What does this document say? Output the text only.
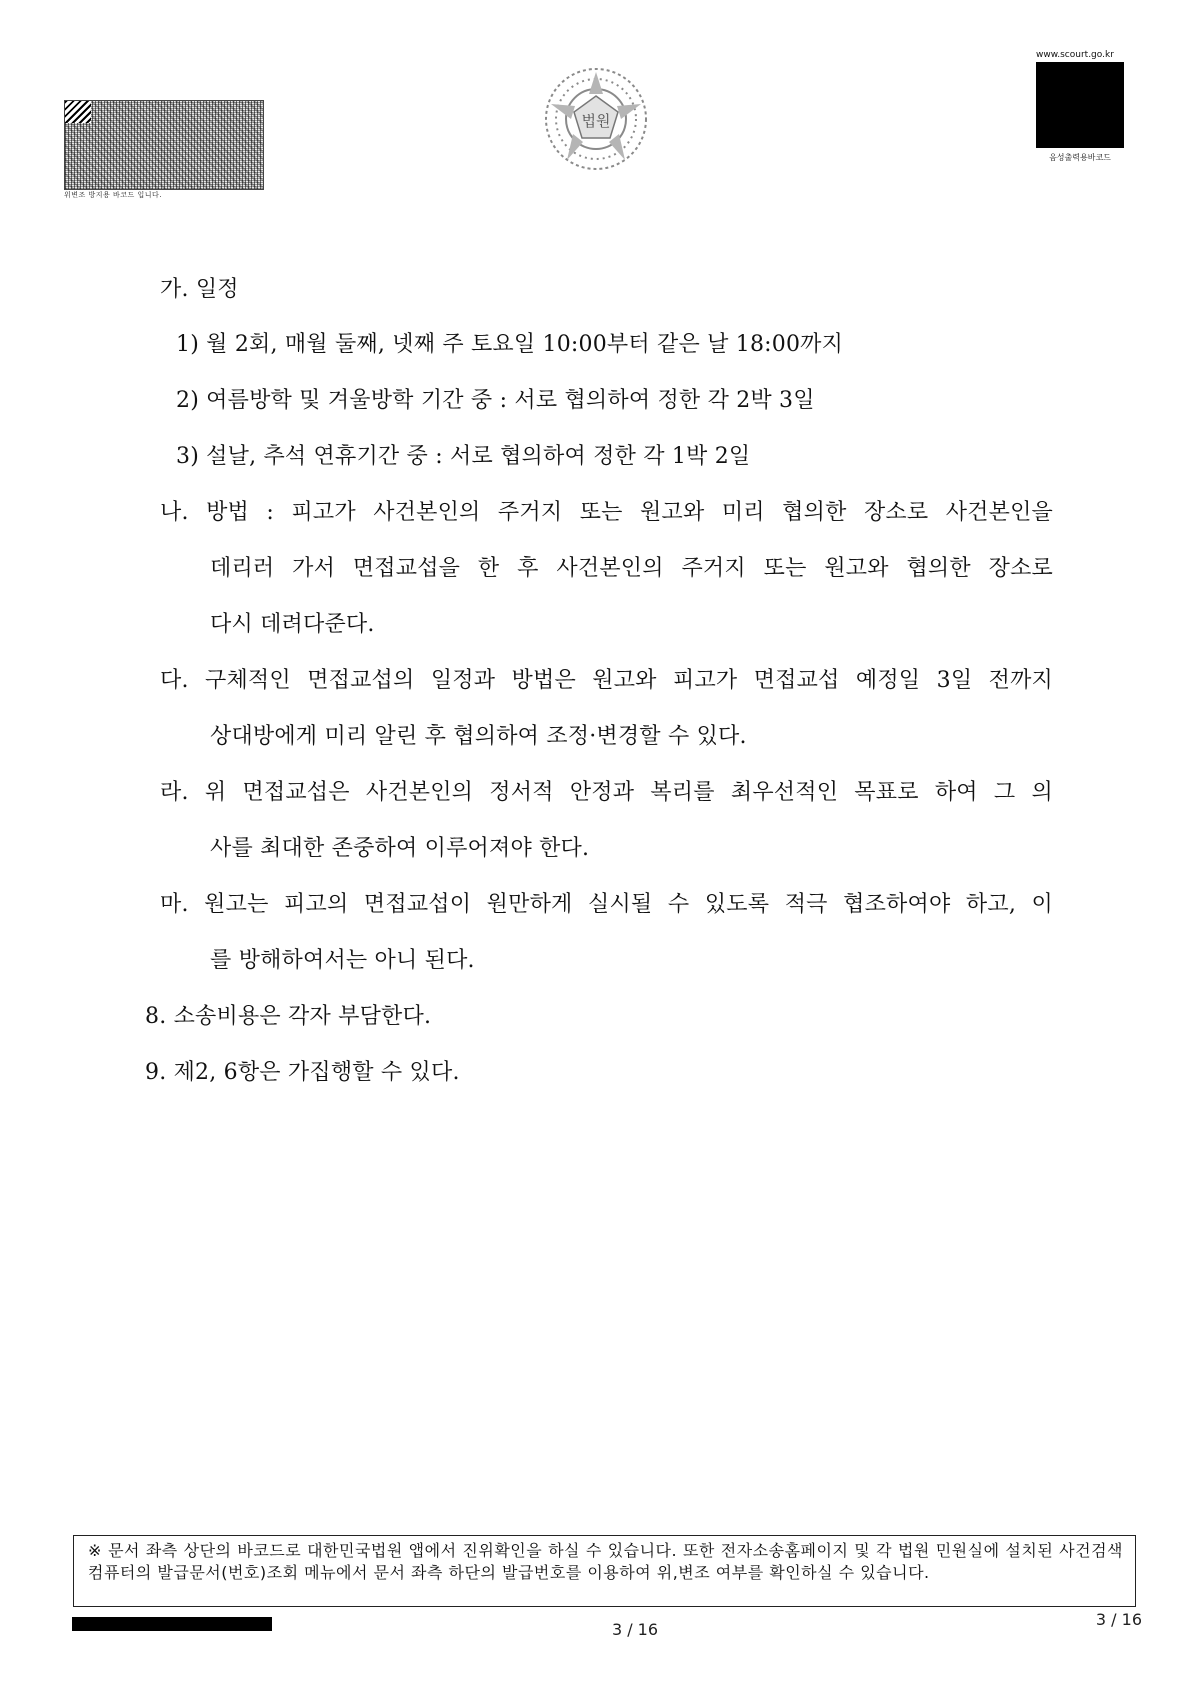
위변조 방지용 바코드 입니다.
법원
www.scourt.go.kr
음성출력용바코드
가. 일정
1) 월 2회, 매월 둘째, 넷째 주 토요일 10:00부터 같은 날 18:00까지
2) 여름방학 및 겨울방학 기간 중 : 서로 협의하여 정한 각 2박 3일
3) 설날, 추석 연휴기간 중 : 서로 협의하여 정한 각 1박 2일
나. 방법 : 피고가 사건본인의 주거지 또는 원고와 미리 협의한 장소로 사건본인을
데리러 가서 면접교섭을 한 후 사건본인의 주거지 또는 원고와 협의한 장소로
다시 데려다준다.
다. 구체적인 면접교섭의 일정과 방법은 원고와 피고가 면접교섭 예정일 3일 전까지
상대방에게 미리 알린 후 협의하여 조정·변경할 수 있다.
라. 위 면접교섭은 사건본인의 정서적 안정과 복리를 최우선적인 목표로 하여 그 의
사를 최대한 존중하여 이루어져야 한다.
마. 원고는 피고의 면접교섭이 원만하게 실시될 수 있도록 적극 협조하여야 하고, 이
를 방해하여서는 아니 된다.
8. 소송비용은 각자 부담한다.
9. 제2, 6항은 가집행할 수 있다.
※ 문서 좌측 상단의 바코드로 대한민국법원 앱에서 진위확인을 하실 수 있습니다. 또한 전자소송홈페이지 및 각 법원 민원실에 설치된 사건검색 컴퓨터의 발급문서(번호)조회 메뉴에서 문서 좌측 하단의 발급번호를 이용하여 위,변조 여부를 확인하실 수 있습니다.
3 / 16
3 / 16
